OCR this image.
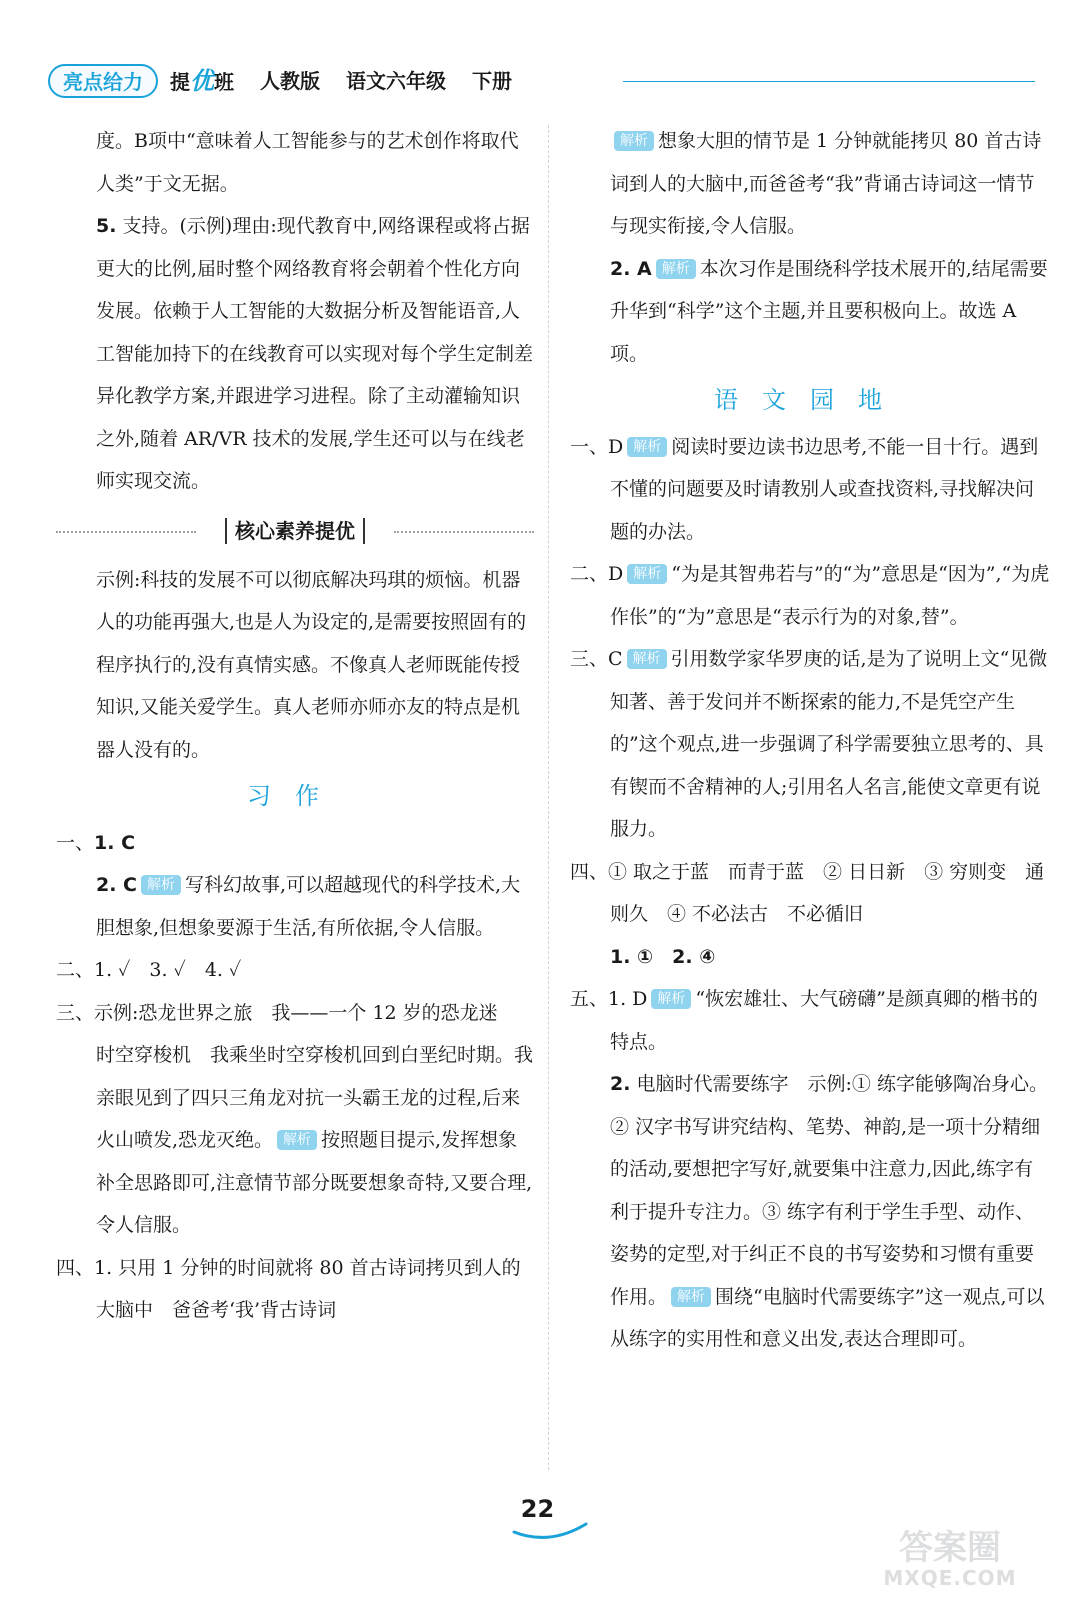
亮点给力	提优班 人教版 语文六年级 下册

度。B项中“意味着人工智能参与的艺术创作将取代人类”于文无据。

5. 支持。(示例)理由:现代教育中,网络课程或将占据更大的比例,届时整个网络教育将会朝着个性化方向发展。依赖于人工智能的大数据分析及智能语音,人工智能加持下的在线教育可以实现对每个学生定制差异化教学方案,并跟进学习进程。除了主动灌输知识之外,随着 AR/VR 技术的发展,学生还可以与在线老师实现交流。

核心素养提优

示例:科技的发展不可以彻底解决玛琪的烦恼。机器人的功能再强大,也是人为设定的,是需要按照固有的程序执行的,没有真情实感。不像真人老师既能传授知识,又能关爱学生。真人老师亦师亦友的特点是机器人没有的。

习作

一、1. C

2. C 解析 写科幻故事,可以超越现代的科学技术,大胆想象,但想象要源于生活,有所依据,令人信服。

二、1. ✓　3. ✓　4. ✓

三、示例:恐龙世界之旅　我——一个 12 岁的恐龙迷　时空穿梭机　我乘坐时空穿梭机回到白垩纪时期。我亲眼见到了四只三角龙对抗一头霸王龙的过程,后来火山喷发,恐龙灭绝。 解析 按照题目提示,发挥想象补全思路即可,注意情节部分既要想象奇特,又要合理,令人信服。

四、1. 只用 1 分钟的时间就将 80 首古诗词拷贝到人的大脑中　爸爸考‘我’背古诗词

解析 想象大胆的情节是 1 分钟就能拷贝 80 首古诗词到人的大脑中,而爸爸考“我”背诵古诗词这一情节与现实衔接,令人信服。

2. A 解析 本次习作是围绕科学技术展开的,结尾需要升华到“科学”这个主题,并且要积极向上。故选 A 项。

语文园地

一、D 解析 阅读时要边读书边思考,不能一目十行。遇到不懂的问题要及时请教别人或查找资料,寻找解决问题的办法。

二、D 解析 “为是其智弗若与”的“为”意思是“因为”,“为虎作伥”的“为”意思是“表示行为的对象,替”。

三、C 解析 引用数学家华罗庚的话,是为了说明上文“见微知著、善于发问并不断探索的能力,不是凭空产生的”这个观点,进一步强调了科学需要独立思考的、具有锲而不舍精神的人;引用名人名言,能使文章更有说服力。

四、① 取之于蓝　而青于蓝　② 日日新　③ 穷则变　通则久　④ 不必法古　不必循旧

1. ①　2. ④

五、1. D 解析 “恢宏雄壮、大气磅礴”是颜真卿的楷书的特点。

2. 电脑时代需要练字　示例:① 练字能够陶冶身心。② 汉字书写讲究结构、笔势、神韵,是一项十分精细的活动,要想把字写好,就要集中注意力,因此,练字有利于提升专注力。③ 练字有利于学生手型、动作、姿势的定型,对于纠正不良的书写姿势和习惯有重要作用。 解析 围绕“电脑时代需要练字”这一观点,可以从练字的实用性和意义出发,表达合理即可。

22
答案圈
MXQE.COM
